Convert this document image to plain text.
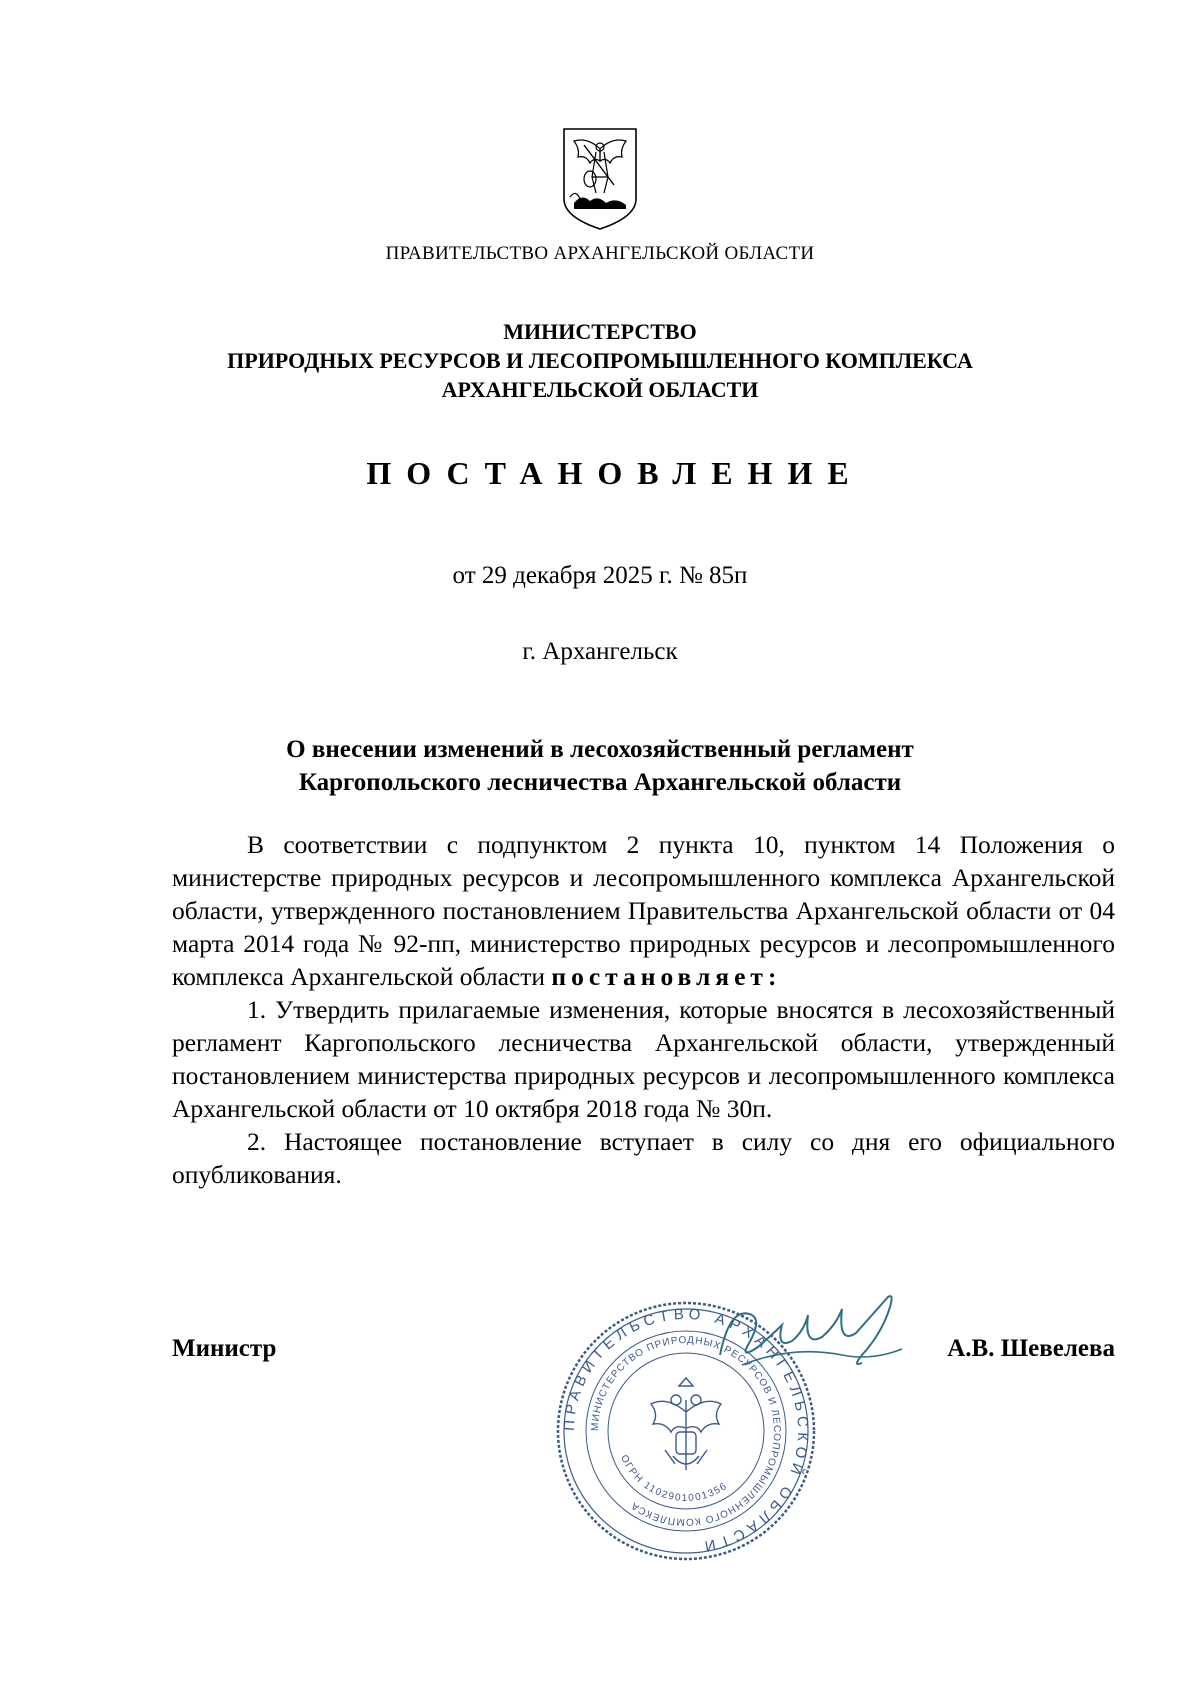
ПРАВИТЕЛЬСТВО АРХАНГЕЛЬСКОЙ ОБЛАСТИ
МИНИСТЕРСТВО
ПРИРОДНЫХ РЕСУРСОВ И ЛЕСОПРОМЫШЛЕННОГО КОМПЛЕКСА
АРХАНГЕЛЬСКОЙ ОБЛАСТИ
ПОСТАНОВЛЕНИЕ
от 29 декабря 2025 г. № 85п
г. Архангельск
О внесении изменений в лесохозяйственный регламент
Каргопольского лесничества Архангельской области

В соответствии с подпунктом 2 пункта 10, пунктом 14 Положения о министерстве природных ресурсов и лесопромышленного комплекса Архангельской области, утвержденного постановлением Правительства Архангельской области от 04 марта 2014 года № 92-пп, министерство природных ресурсов и лесопромышленного комплекса Архангельской области постановляет:

1. Утвердить прилагаемые изменения, которые вносятся в лесохозяйственный регламент Каргопольского лесничества Архангельской области, утвержденный постановлением министерства природных ресурсов и лесопромышленного комплекса Архангельской области от 10 октября 2018 года № 30п.

2. Настоящее постановление вступает в силу со дня его официального опубликования.

ПРАВИТЕЛЬСТВО АРХАНГЕЛЬСКОЙ ОБЛАСТИ
МИНИСТЕРСТВО ПРИРОДНЫХ РЕСУРСОВ И ЛЕСОПРОМЫШЛЕННОГО КОМПЛЕКСА
ОГРН 1102901001356
Министр	А.В. Шевелева
